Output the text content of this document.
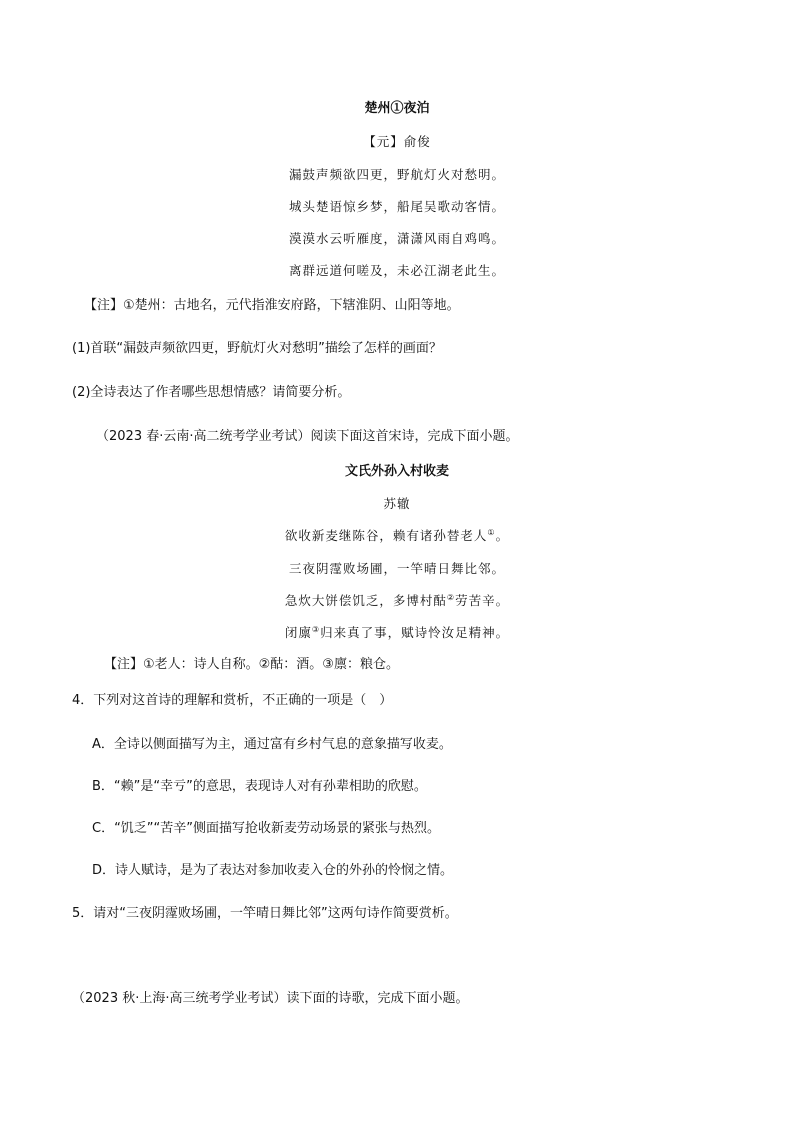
楚州①夜泊
【元】俞俊
漏鼓声频欲四更，野航灯火对愁明。
城头楚语惊乡梦，船尾吴歌动客情。
漠漠水云听雁度，潇潇风雨自鸡鸣。
离群远道何嗟及，未必江湖老此生。
【注】①楚州：古地名，元代指淮安府路，下辖淮阴、山阳等地。
(1)首联“漏鼓声频欲四更，野航灯火对愁明”描绘了怎样的画面？
(2)全诗表达了作者哪些思想情感？请简要分析。
（2023 春·云南·高二统考学业考试）阅读下面这首宋诗，完成下面小题。
文氏外孙入村收麦
苏辙
欲收新麦继陈谷，赖有诸孙替老人①。
三夜阴霪败场圃，一竿晴日舞比邻。
急炊大饼偿饥乏，多博村酤②劳苦辛。
闭廪③归来真了事，赋诗怜汝足精神。
【注】①老人：诗人自称。②酤：酒。③廪：粮仓。
4．下列对这首诗的理解和赏析，不正确的一项是（　）
A．全诗以侧面描写为主，通过富有乡村气息的意象描写收麦。
B．“赖”是“幸亏”的意思，表现诗人对有孙辈相助的欣慰。
C．“饥乏”“苦辛”侧面描写抢收新麦劳动场景的紧张与热烈。
D．诗人赋诗，是为了表达对参加收麦入仓的外孙的怜悯之情。
5．请对“三夜阴霪败场圃，一竿晴日舞比邻”这两句诗作简要赏析。
（2023 秋·上海·高三统考学业考试）读下面的诗歌，完成下面小题。
